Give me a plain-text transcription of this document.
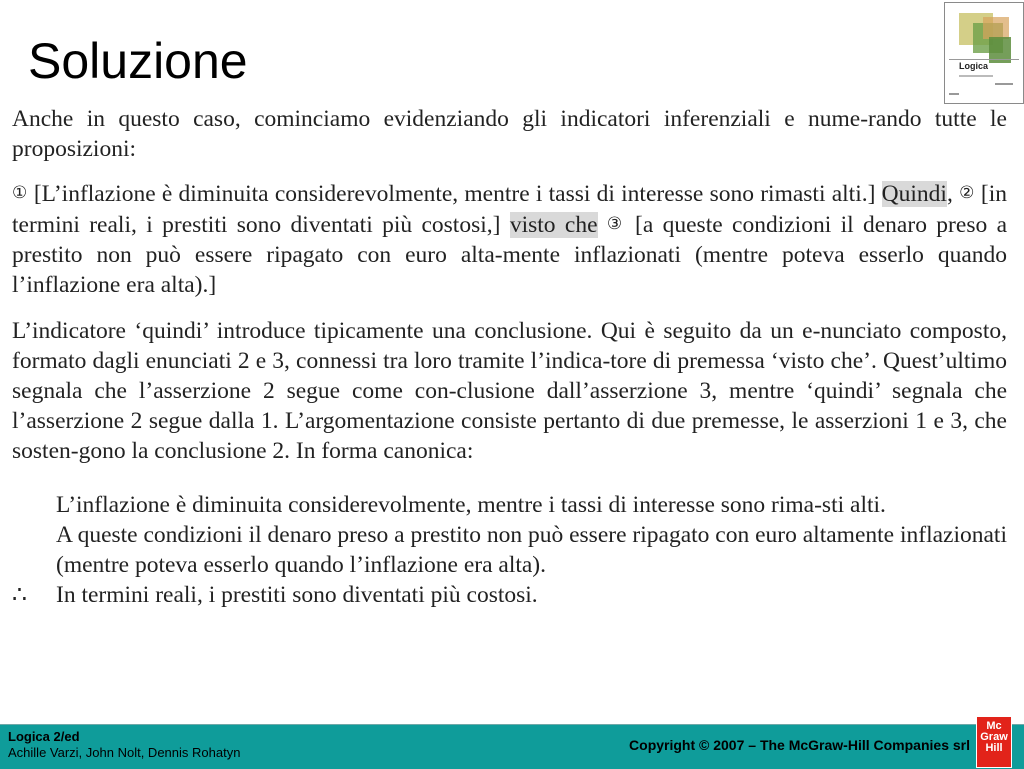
Soluzione	Logica

Anche in questo caso, cominciamo evidenziando gli indicatori inferenziali e nume-rando tutte le proposizioni:

① [L’inflazione è diminuita considerevolmente, mentre i tassi di interesse sono rimasti alti.] Quindi, ② [in termini reali, i prestiti sono diventati più costosi,] visto che ③ [a queste condizioni il denaro preso a prestito non può essere ripagato con euro alta-mente inflazionati (mentre poteva esserlo quando l’inflazione era alta).]

L’indicatore ‘quindi’ introduce tipicamente una conclusione. Qui è seguito da un e-nunciato composto, formato dagli enunciati 2 e 3, connessi tra loro tramite l’indica-tore di premessa ‘visto che’. Quest’ultimo segnala che l’asserzione 2 segue come con-clusione dall’asserzione 3, mentre ‘quindi’ segnala che l’asserzione 2 segue dalla 1. L’argomentazione consiste pertanto di due premesse, le asserzioni 1 e 3, che sosten-gono la conclusione 2. In forma canonica:

L’inflazione è diminuita considerevolmente, mentre i tassi di interesse sono rima-sti alti.

A queste condizioni il denaro preso a prestito non può essere ripagato con euro altamente inflazionati (mentre poteva esserlo quando l’inflazione era alta).

∴ In termini reali, i prestiti sono diventati più costosi.

Logica 2/ed
Achille Varzi, John Nolt, Dennis Rohatyn	Copyright © 2007 – The McGraw-Hill Companies srl
Mc
Graw
Hill
